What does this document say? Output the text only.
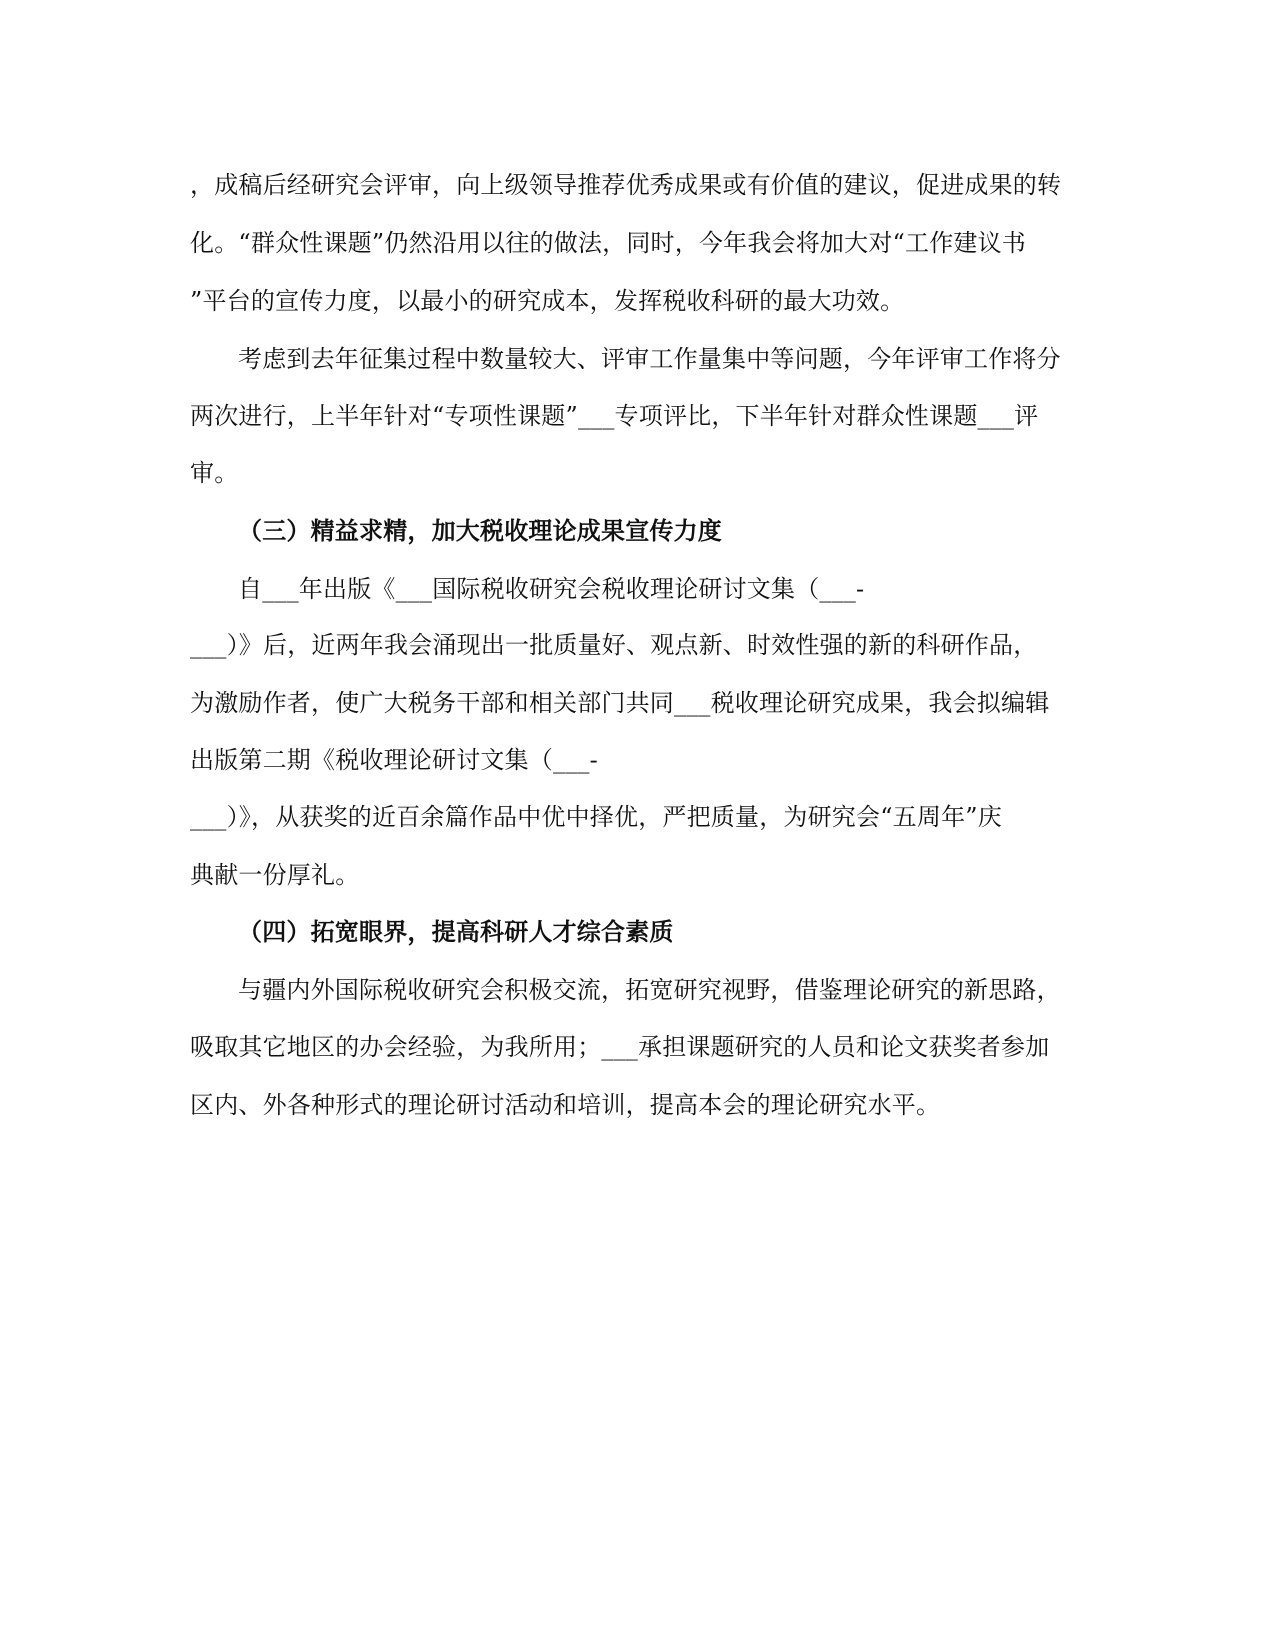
，成稿后经研究会评审，向上级领导推荐优秀成果或有价值的建议，促进成果的转
化。“群众性课题”仍然沿用以往的做法，同时，今年我会将加大对“工作建议书
”平台的宣传力度，以最小的研究成本，发挥税收科研的最大功效。
考虑到去年征集过程中数量较大、评审工作量集中等问题，今年评审工作将分
两次进行，上半年针对“专项性课题”___专项评比，下半年针对群众性课题___评
审。
（三）精益求精，加大税收理论成果宣传力度
自___年出版《___国际税收研究会税收理论研讨文集（___-
___）》后，近两年我会涌现出一批质量好、观点新、时效性强的新的科研作品，
为激励作者，使广大税务干部和相关部门共同___税收理论研究成果，我会拟编辑
出版第二期《税收理论研讨文集（___-
___）》，从获奖的近百余篇作品中优中择优，严把质量，为研究会“五周年”庆
典献一份厚礼。
（四）拓宽眼界，提高科研人才综合素质
与疆内外国际税收研究会积极交流，拓宽研究视野，借鉴理论研究的新思路，
吸取其它地区的办会经验，为我所用；___承担课题研究的人员和论文获奖者参加
区内、外各种形式的理论研讨活动和培训，提高本会的理论研究水平。
